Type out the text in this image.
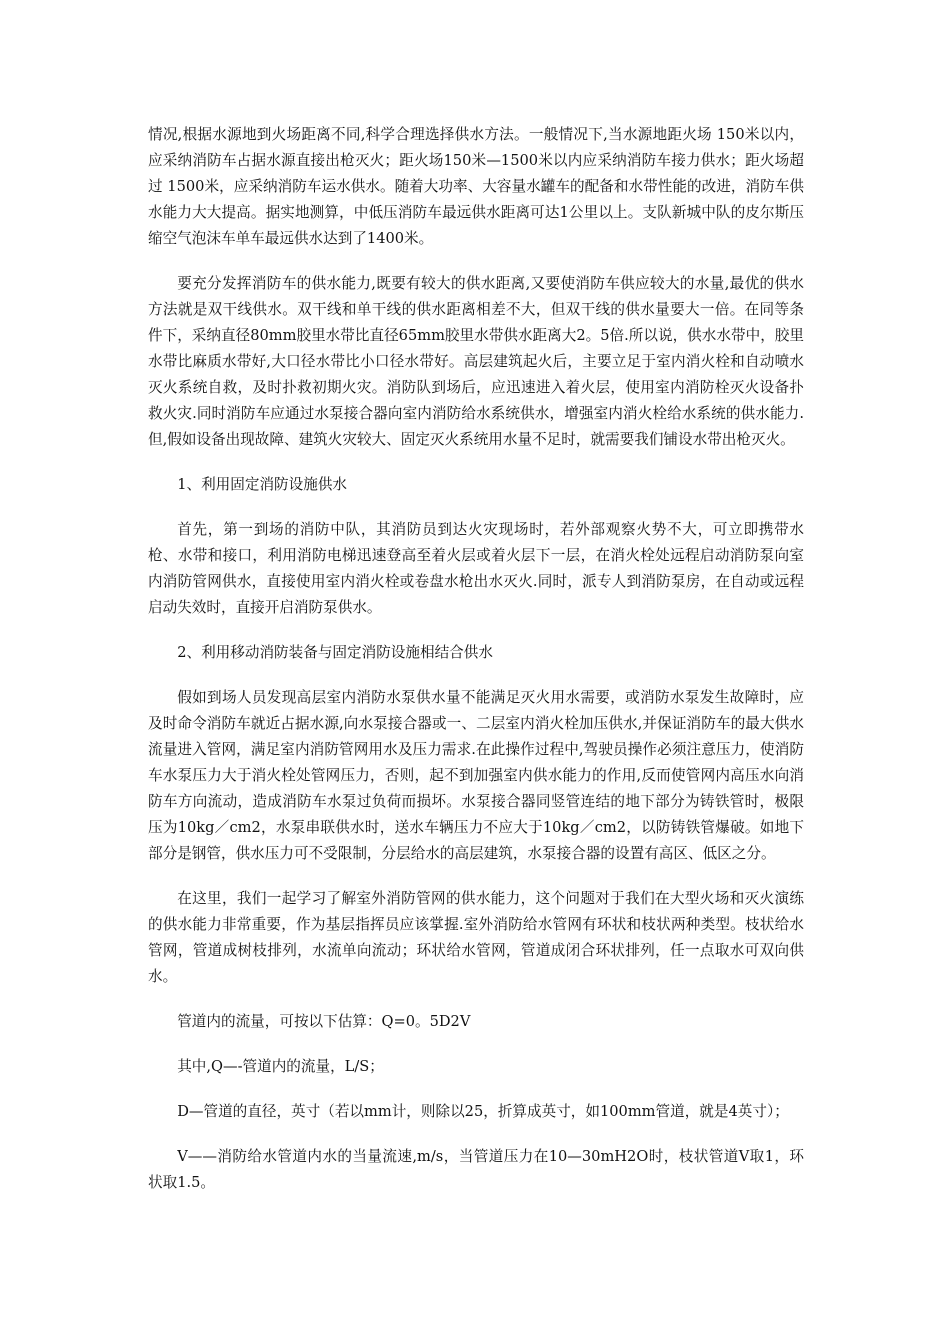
情况,根据水源地到火场距离不同,科学合理选择供水方法。一般情况下,当水源地距火场 150米以内，应采纳消防车占据水源直接出枪灭火；距火场150米—1500米以内应采纳消防车接力供水；距火场超过 1500米，应采纳消防车运水供水。随着大功率、大容量水罐车的配备和水带性能的改进，消防车供水能力大大提高。据实地测算，中低压消防车最远供水距离可达1公里以上。支队新城中队的皮尔斯压缩空气泡沫车单车最远供水达到了1400米。

要充分发挥消防车的供水能力,既要有较大的供水距离,又要使消防车供应较大的水量,最优的供水方法就是双干线供水。双干线和单干线的供水距离相差不大，但双干线的供水量要大一倍。在同等条件下，采纳直径80mm胶里水带比直径65mm胶里水带供水距离大2。5倍.所以说，供水水带中，胶里水带比麻质水带好,大口径水带比小口径水带好。高层建筑起火后，主要立足于室内消火栓和自动喷水灭火系统自救，及时扑救初期火灾。消防队到场后，应迅速进入着火层，使用室内消防栓灭火设备扑救火灾.同时消防车应通过水泵接合器向室内消防给水系统供水，增强室内消火栓给水系统的供水能力.但,假如设备出现故障、建筑火灾较大、固定灭火系统用水量不足时，就需要我们铺设水带出枪灭火。

1、利用固定消防设施供水

首先，第一到场的消防中队，其消防员到达火灾现场时，若外部观察火势不大，可立即携带水枪、水带和接口，利用消防电梯迅速登高至着火层或着火层下一层，在消火栓处远程启动消防泵向室内消防管网供水，直接使用室内消火栓或卷盘水枪出水灭火.同时，派专人到消防泵房，在自动或远程启动失效时，直接开启消防泵供水。

2、利用移动消防装备与固定消防设施相结合供水

假如到场人员发现高层室内消防水泵供水量不能满足灭火用水需要，或消防水泵发生故障时，应及时命令消防车就近占据水源,向水泵接合器或一、二层室内消火栓加压供水,并保证消防车的最大供水流量进入管网，满足室内消防管网用水及压力需求.在此操作过程中,驾驶员操作必须注意压力，使消防车水泵压力大于消火栓处管网压力，否则，起不到加强室内供水能力的作用,反而使管网内高压水向消防车方向流动，造成消防车水泵过负荷而损坏。水泵接合器同竖管连结的地下部分为铸铁管时，极限压为10kg／cm2，水泵串联供水时，送水车辆压力不应大于10kg／cm2，以防铸铁管爆破。如地下部分是钢管，供水压力可不受限制，分层给水的高层建筑，水泵接合器的设置有高区、低区之分。

在这里，我们一起学习了解室外消防管网的供水能力，这个问题对于我们在大型火场和灭火演练的供水能力非常重要，作为基层指挥员应该掌握.室外消防给水管网有环状和枝状两种类型。枝状给水管网，管道成树枝排列，水流单向流动；环状给水管网，管道成闭合环状排列，任一点取水可双向供水。

管道内的流量，可按以下估算：Q=0。5D2V

其中,Q—-管道内的流量，L/S；

D—管道的直径，英寸（若以mm计，则除以25，折算成英寸，如100mm管道，就是4英寸）；

V——消防给水管道内水的当量流速,m/s，当管道压力在10—30mH2O时，枝状管道V取1，环状取1.5。
